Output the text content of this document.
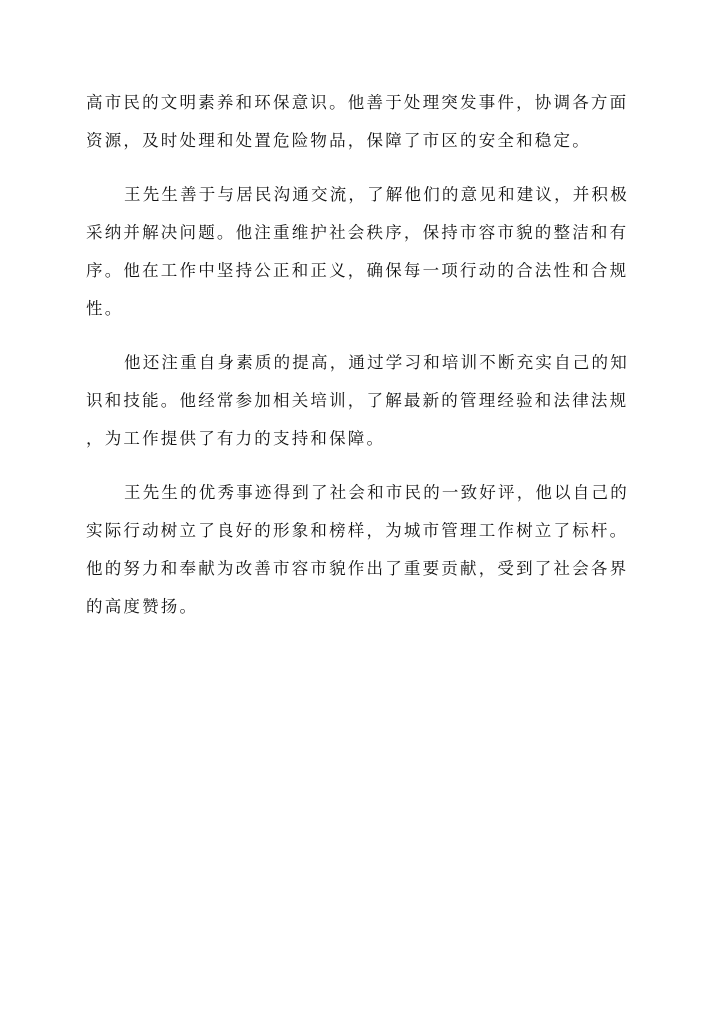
高市民的文明素养和环保意识。他善于处理突发事件，协调各方面
资源，及时处理和处置危险物品，保障了市区的安全和稳定。
王先生善于与居民沟通交流，了解他们的意见和建议，并积极
采纳并解决问题。他注重维护社会秩序，保持市容市貌的整洁和有
序。他在工作中坚持公正和正义，确保每一项行动的合法性和合规
性。
他还注重自身素质的提高，通过学习和培训不断充实自己的知
识和技能。他经常参加相关培训，了解最新的管理经验和法律法规
，为工作提供了有力的支持和保障。
王先生的优秀事迹得到了社会和市民的一致好评，他以自己的
实际行动树立了良好的形象和榜样，为城市管理工作树立了标杆。
他的努力和奉献为改善市容市貌作出了重要贡献，受到了社会各界
的高度赞扬。
